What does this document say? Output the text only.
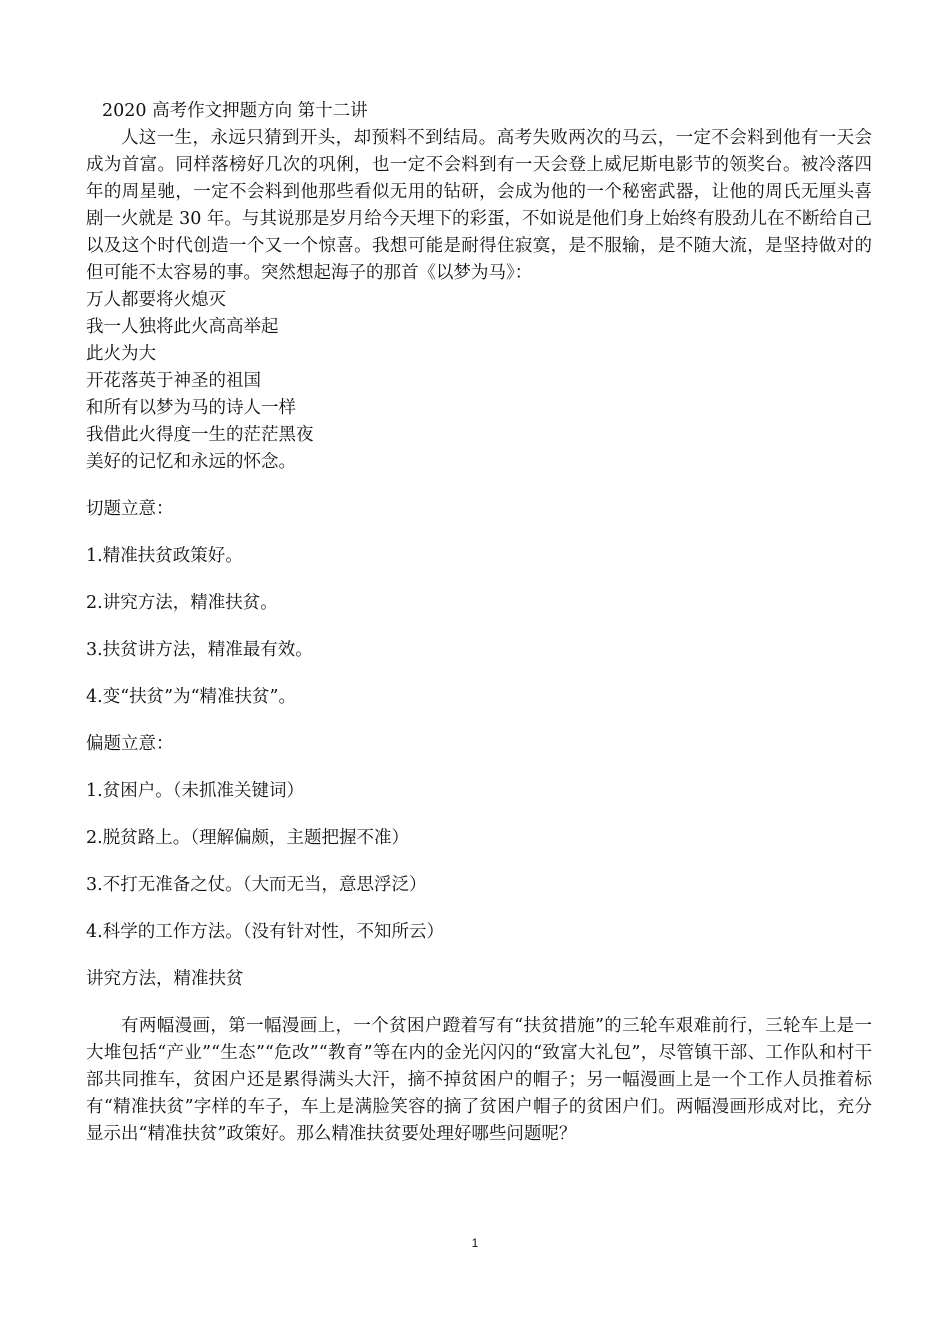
2020 高考作文押题方向 第十二讲

人这一生，永远只猜到开头，却预料不到结局。高考失败两次的马云，一定不会料到他有一天会成为首富。同样落榜好几次的巩俐，也一定不会料到有一天会登上威尼斯电影节的领奖台。被冷落四年的周星驰，一定不会料到他那些看似无用的钻研，会成为他的一个秘密武器，让他的周氏无厘头喜剧一火就是 30 年。与其说那是岁月给今天埋下的彩蛋，不如说是他们身上始终有股劲儿在不断给自己以及这个时代创造一个又一个惊喜。我想可能是耐得住寂寞，是不服输，是不随大流，是坚持做对的但可能不太容易的事。突然想起海子的那首《以梦为马》：

万人都要将火熄灭

我一人独将此火高高举起

此火为大

开花落英于神圣的祖国

和所有以梦为马的诗人一样

我借此火得度一生的茫茫黑夜

美好的记忆和永远的怀念。

切题立意：

1.精准扶贫政策好。

2.讲究方法，精准扶贫。

3.扶贫讲方法，精准最有效。

4.变“扶贫”为“精准扶贫”。

偏题立意：

1.贫困户。（未抓准关键词）

2.脱贫路上。（理解偏颇，主题把握不准）

3.不打无准备之仗。（大而无当，意思浮泛）

4.科学的工作方法。（没有针对性，不知所云）

讲究方法，精准扶贫

有两幅漫画，第一幅漫画上，一个贫困户蹬着写有“扶贫措施”的三轮车艰难前行，三轮车上是一大堆包括“产业”“生态”“危改”“教育”等在内的金光闪闪的“致富大礼包”，尽管镇干部、工作队和村干部共同推车，贫困户还是累得满头大汗，摘不掉贫困户的帽子；另一幅漫画上是一个工作人员推着标有“精准扶贫”字样的车子，车上是满脸笑容的摘了贫困户帽子的贫困户们。两幅漫画形成对比，充分显示出“精准扶贫”政策好。那么精准扶贫要处理好哪些问题呢？

1
